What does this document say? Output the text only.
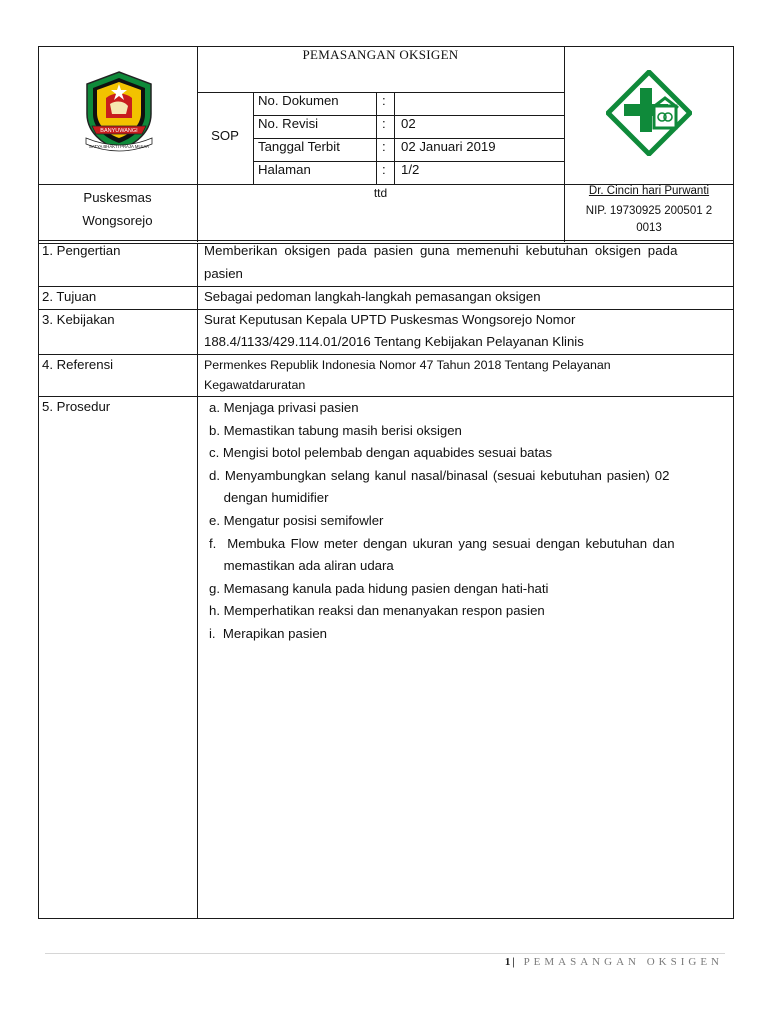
BANYUWANGI
SATYA BHAKTI PRAJA MULYA
PEMASANGAN OKSIGEN
SOP
No. Dokumen	:
No. Revisi	: 02
Tanggal Terbit	: 02 Januari 2019
Halaman	: 1/2
Puskesmas
Wongsorejo
ttd	Dr. Cincin hari Purwanti
NIP. 19730925 200501 2
0013
1. Pengertian	Memberikan oksigen pada pasien guna memenuhi kebutuhan oksigen pada
pasien
2. Tujuan	Sebagai pedoman langkah-langkah pemasangan oksigen
3. Kebijakan	Surat Keputusan Kepala UPTD Puskesmas Wongsorejo Nomor
188.4/1133/429.114.01/2016 Tentang Kebijakan Pelayanan Klinis
4. Referensi	Permenkes Republik Indonesia Nomor 47 Tahun 2018 Tentang Pelayanan
Kegawatdaruratan
5. Prosedur	a. Menjaga privasi pasien
b. Memastikan tabung masih berisi oksigen
c. Mengisi botol pelembab dengan aquabides sesuai batas
d. Menyambungkan selang kanul nasal/binasal (sesuai kebutuhan pasien) 02
dengan humidifier
e. Mengatur posisi semifowler
f.  Membuka Flow meter dengan ukuran yang sesuai dengan kebutuhan dan
memastikan ada aliran udara
g. Memasang kanula pada hidung pasien dengan hati-hati
h. Memperhatikan reaksi dan menanyakan respon pasien
i.  Merapikan pasien
1| PEMASANGAN OKSIGEN
